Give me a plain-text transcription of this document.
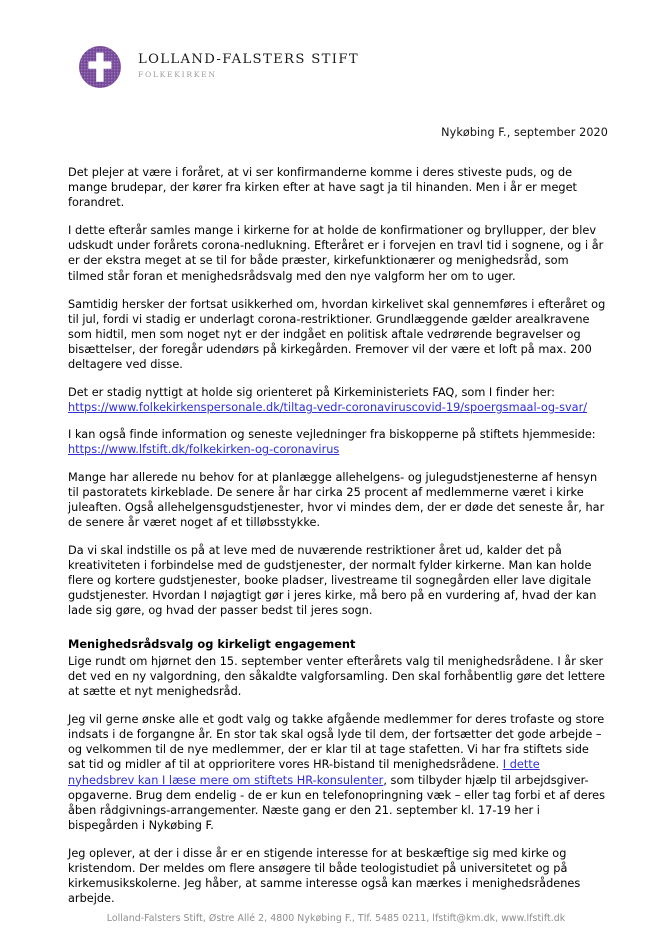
LOLLAND-FALSTERS STIFT
FOLKEKIRKEN
Nykøbing F., september 2020

Det plejer at være i foråret, at vi ser konfirmanderne komme i deres stiveste puds, og de mange brudepar, der kører fra kirken efter at have sagt ja til hinanden. Men i år er meget forandret.

I dette efterår samles mange i kirkerne for at holde de konfirmationer og bryllupper, der blev udskudt under forårets corona-nedlukning. Efteråret er i forvejen en travl tid i sognene, og i år er der ekstra meget at se til for både præster, kirkefunktionærer og menighedsråd, som tilmed står foran et menighedsrådsvalg med den nye valgform her om to uger.

Samtidig hersker der fortsat usikkerhed om, hvordan kirkelivet skal gennemføres i efteråret og til jul, fordi vi stadig er underlagt corona-restriktioner. Grundlæggende gælder arealkravene som hidtil, men som noget nyt er der indgået en politisk aftale vedrørende begravelser og bisættelser, der foregår udendørs på kirkegården. Fremover vil der være et loft på max. 200 deltagere ved disse.

Det er stadig nyttigt at holde sig orienteret på Kirkeministeriets FAQ, som I finder her:
https://www.folkekirkenspersonale.dk/tiltag-vedr-coronaviruscovid-19/spoergsmaal-og-svar/

I kan også finde information og seneste vejledninger fra biskopperne på stiftets hjemmeside:
https://www.lfstift.dk/folkekirken-og-coronavirus

Mange har allerede nu behov for at planlægge allehelgens- og julegudstjenesterne af hensyn til pastoratets kirkeblade. De senere år har cirka 25 procent af medlemmerne været i kirke juleaften. Også allehelgensgudstjenester, hvor vi mindes dem, der er døde det seneste år, har de senere år været noget af et tilløbsstykke.

Da vi skal indstille os på at leve med de nuværende restriktioner året ud, kalder det på kreativiteten i forbindelse med de gudstjenester, der normalt fylder kirkerne. Man kan holde flere og kortere gudstjenester, booke pladser, livestreame til sognegården eller lave digitale gudstjenester. Hvordan I nøjagtigt gør i jeres kirke, må bero på en vurdering af, hvad der kan lade sig gøre, og hvad der passer bedst til jeres sogn.

Menighedsrådsvalg og kirkeligt engagement

Lige rundt om hjørnet den 15. september venter efterårets valg til menighedsrådene. I år sker det ved en ny valgordning, den såkaldte valgforsamling. Den skal forhåbentlig gøre det lettere at sætte et nyt menighedsråd.

Jeg vil gerne ønske alle et godt valg og takke afgående medlemmer for deres trofaste og store indsats i de forgangne år. En stor tak skal også lyde til dem, der fortsætter det gode arbejde – og velkommen til de nye medlemmer, der er klar til at tage stafetten. Vi har fra stiftets side sat tid og midler af til at opprioritere vores HR-bistand til menighedsrådene. I dette nyhedsbrev kan I læse mere om stiftets HR-konsulenter, som tilbyder hjælp til arbejdsgiver-opgaverne. Brug dem endelig - de er kun en telefonopringning væk – eller tag forbi et af deres åben rådgivnings-arrangementer. Næste gang er den 21. september kl. 17-19 her i bispegården i Nykøbing F.

Jeg oplever, at der i disse år er en stigende interesse for at beskæftige sig med kirke og kristendom. Der meldes om flere ansøgere til både teologistudiet på universitetet og på kirkemusikskolerne. Jeg håber, at samme interesse også kan mærkes i menighedsrådenes arbejde.

Lolland-Falsters Stift, Østre Allé 2, 4800 Nykøbing F., Tlf. 5485 0211, lfstift@km.dk, www.lfstift.dk
